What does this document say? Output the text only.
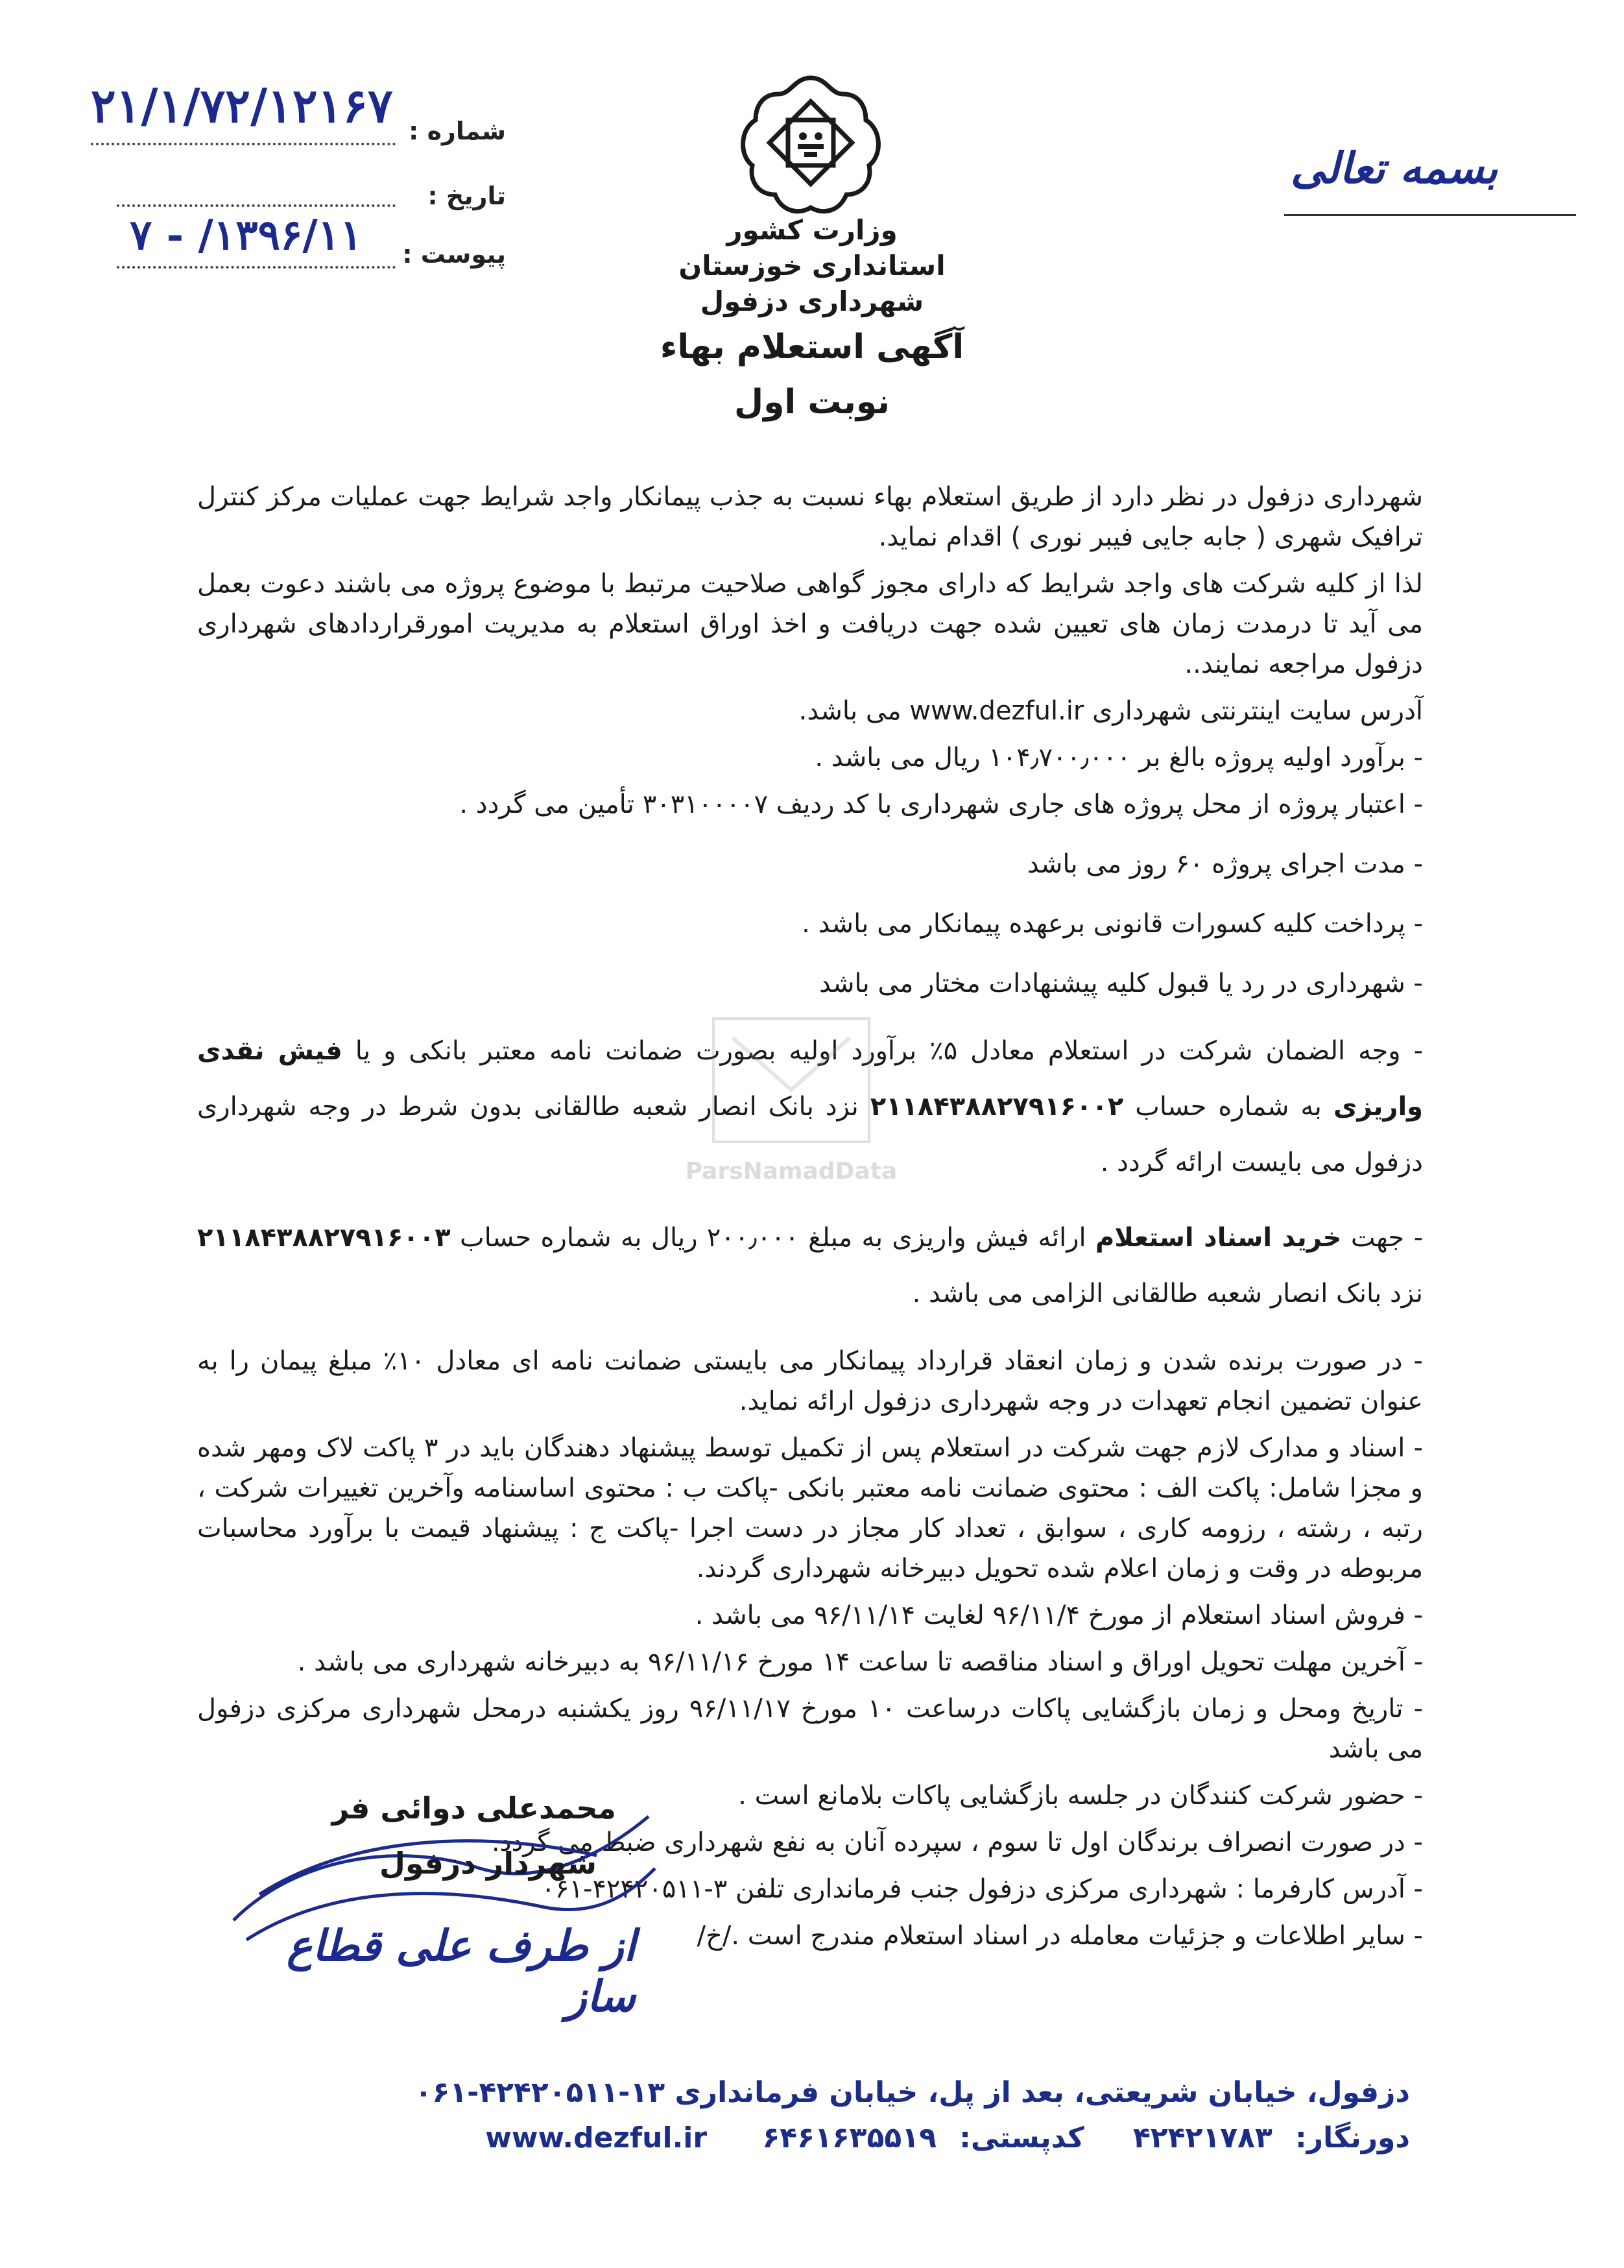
۲۱/۱/۷۲/۱۲۱۶۷ شماره :
تاریخ :
۱۳۹۶/۱۱/ - ۷ پیوست :
بسمه تعالی
وزارت کشور
استانداری خوزستان
شهرداری دزفول
آگهی استعلام بهاء
نوبت اول

شهرداری دزفول در نظر دارد از طریق استعلام بهاء نسبت به جذب پیمانکار واجد شرایط جهت عملیات مرکز کنترل ترافیک شهری ( جابه جایی فیبر نوری ) اقدام نماید.

لذا از کلیه شرکت های واجد شرایط که دارای مجوز گواهی صلاحیت مرتبط با موضوع پروژه می باشند دعوت بعمل می آید تا درمدت زمان های تعیین شده جهت دریافت و اخذ اوراق استعلام به مدیریت امورقراردادهای شهرداری دزفول مراجعه نمایند..

آدرس سایت اینترنتی شهرداری www.dezful.ir می باشد.

- برآورد اولیه پروژه بالغ بر ۱۰۴٫۷۰۰٫۰۰۰ ریال می باشد .

- اعتبار پروژه از محل پروژه های جاری شهرداری با کد ردیف ۳۰۳۱۰۰۰۰۷ تأمین می گردد .

- مدت اجرای پروژه ۶۰ روز می باشد

- پرداخت کلیه کسورات قانونی برعهده پیمانکار می باشد .

- شهرداری در رد یا قبول کلیه پیشنهادات مختار می باشد

- وجه الضمان شرکت در استعلام معادل ۵٪ برآورد اولیه بصورت ضمانت نامه معتبر بانکی و یا فیش نقدی واریزی به شماره حساب ۲۱۱۸۴۳۸۸۲۷۹۱۶۰۰۲ نزد بانک انصار شعبه طالقانی بدون شرط در وجه شهرداری دزفول می بایست ارائه گردد .

- جهت خرید اسناد استعلام ارائه فیش واریزی به مبلغ ۲۰۰٫۰۰۰ ریال به شماره حساب ۲۱۱۸۴۳۸۸۲۷۹۱۶۰۰۳ نزد بانک انصار شعبه طالقانی الزامی می باشد .

- در صورت برنده شدن و زمان انعقاد قرارداد پیمانکار می بایستی ضمانت نامه ای معادل ۱۰٪ مبلغ پیمان را به عنوان تضمین انجام تعهدات در وجه شهرداری دزفول ارائه نماید.

- اسناد و مدارک لازم جهت شرکت در استعلام پس از تکمیل توسط پیشنهاد دهندگان باید در ۳ پاکت لاک ومهر شده و مجزا شامل: پاکت الف : محتوی ضمانت نامه معتبر بانکی -پاکت ب : محتوی اساسنامه وآخرین تغییرات شرکت ، رتبه ، رشته ، رزومه کاری ، سوابق ، تعداد کار مجاز در دست اجرا -پاکت ج : پیشنهاد قیمت با برآورد محاسبات مربوطه در وقت و زمان اعلام شده تحویل دبیرخانه شهرداری گردند.

- فروش اسناد استعلام از مورخ ۹۶/۱۱/۴ لغایت ۹۶/۱۱/۱۴ می باشد .

- آخرین مهلت تحویل اوراق و اسناد مناقصه تا ساعت ۱۴ مورخ ۹۶/۱۱/۱۶ به دبیرخانه شهرداری می باشد .

- تاریخ ومحل و زمان بازگشایی پاکات درساعت ۱۰ مورخ ۹۶/۱۱/۱۷ روز یکشنبه درمحل شهرداری مرکزی دزفول می باشد

- حضور شرکت کنندگان در جلسه بازگشایی پاکات بلامانع است .

- در صورت انصراف برندگان اول تا سوم ، سپرده آنان به نفع شهرداری ضبط می گردد.

- آدرس کارفرما : شهرداری مرکزی دزفول جنب فرمانداری تلفن ۳-۴۲۴۲۰۵۱۱-۰۶۱

- سایر اطلاعات و جزئیات معامله در اسناد استعلام مندرج است ./خ/

ParsNamadData
محمدعلی دوائی فر
شهردار دزفول
از طرف علی قطاع ساز
دزفول، خیابان شریعتی، بعد از پل، خیابان فرمانداری ۱۳-۴۲۴۲۰۵۱۱-۰۶۱
دورنگار: ۴۲۴۲۱۷۸۳ کدپستی: ۶۴۶۱۶۳۵۵۱۹ www.dezful.ir
